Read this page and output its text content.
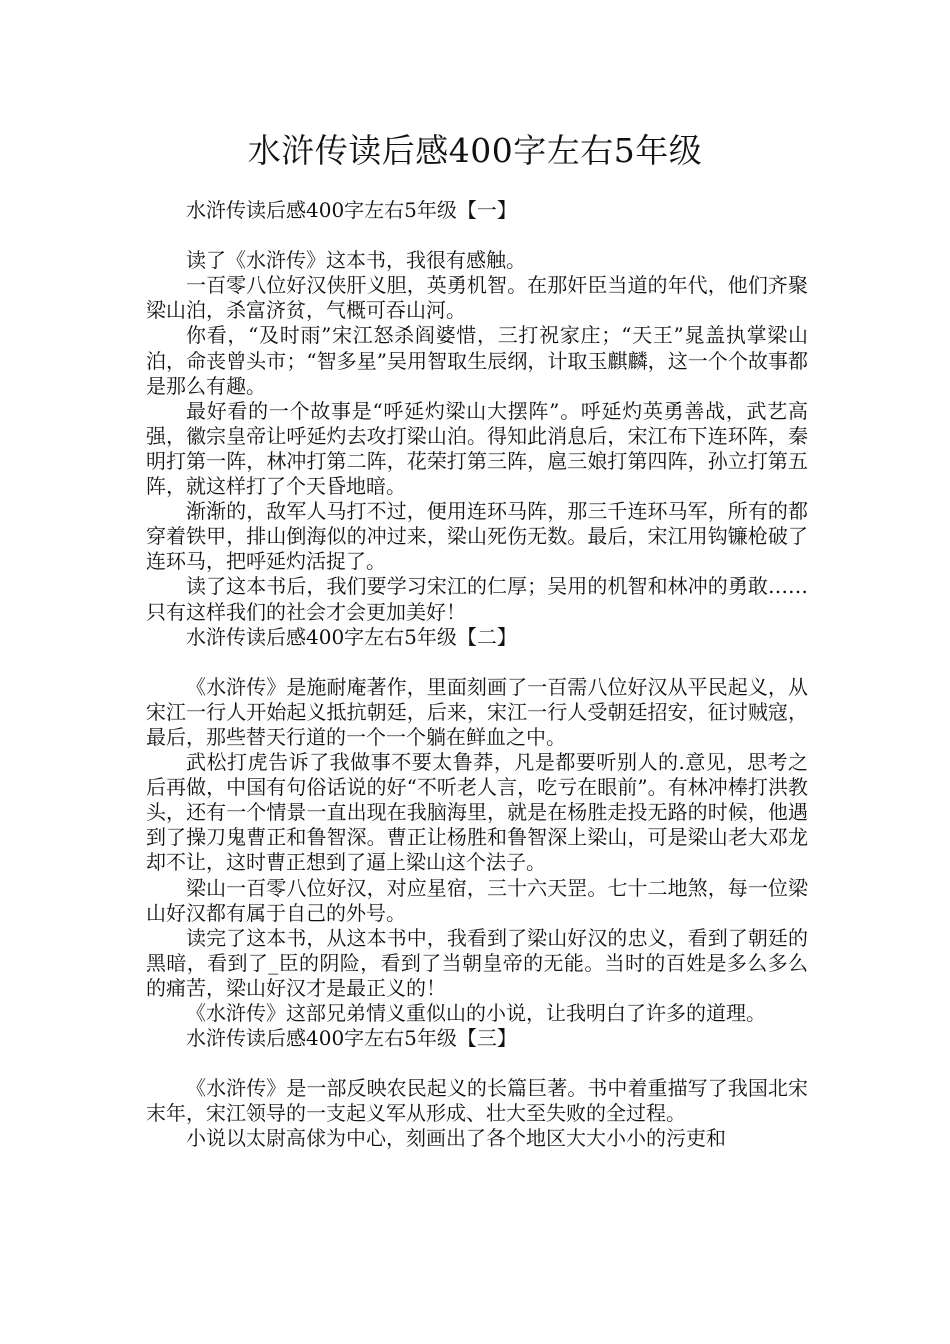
水浒传读后感400字左右5年级

水浒传读后感400字左右5年级【一】

读了《水浒传》这本书，我很有感触。

一百零八位好汉侠肝义胆，英勇机智。在那奸臣当道的年代，他们齐聚梁山泊，杀富济贫，气概可吞山河。

你看，“及时雨”宋江怒杀阎婆惜，三打祝家庄；“天王”晁盖执掌梁山泊，命丧曾头市；“智多星”吴用智取生辰纲，计取玉麒麟，这一个个故事都是那么有趣。

最好看的一个故事是“呼延灼梁山大摆阵”。呼延灼英勇善战，武艺高强，徽宗皇帝让呼延灼去攻打梁山泊。得知此消息后，宋江布下连环阵，秦明打第一阵，林冲打第二阵，花荣打第三阵，扈三娘打第四阵，孙立打第五阵，就这样打了个天昏地暗。

渐渐的，敌军人马打不过，便用连环马阵，那三千连环马军，所有的都穿着铁甲，排山倒海似的冲过来，梁山死伤无数。最后，宋江用钩镰枪破了连环马，把呼延灼活捉了。

读了这本书后，我们要学习宋江的仁厚；吴用的机智和林冲的勇敢……只有这样我们的社会才会更加美好！

水浒传读后感400字左右5年级【二】

《水浒传》是施耐庵著作，里面刻画了一百需八位好汉从平民起义，从宋江一行人开始起义抵抗朝廷，后来，宋江一行人受朝廷招安，征讨贼寇，最后，那些替天行道的一个一个躺在鲜血之中。

武松打虎告诉了我做事不要太鲁莽，凡是都要听别人的.意见，思考之后再做，中国有句俗话说的好“不听老人言，吃亏在眼前”。有林冲棒打洪教头，还有一个情景一直出现在我脑海里，就是在杨胜走投无路的时候，他遇到了操刀鬼曹正和鲁智深。曹正让杨胜和鲁智深上梁山，可是梁山老大邓龙却不让，这时曹正想到了逼上梁山这个法子。

梁山一百零八位好汉，对应星宿，三十六天罡。七十二地煞，每一位梁山好汉都有属于自己的外号。

读完了这本书，从这本书中，我看到了梁山好汉的忠义，看到了朝廷的黑暗，看到了_臣的阴险，看到了当朝皇帝的无能。当时的百姓是多么多么的痛苦，梁山好汉才是最正义的！

《水浒传》这部兄弟情义重似山的小说，让我明白了许多的道理。

水浒传读后感400字左右5年级【三】

《水浒传》是一部反映农民起义的长篇巨著。书中着重描写了我国北宋末年，宋江领导的一支起义军从形成、壮大至失败的全过程。

小说以太尉高俅为中心，刻画出了各个地区大大小小的污吏和
